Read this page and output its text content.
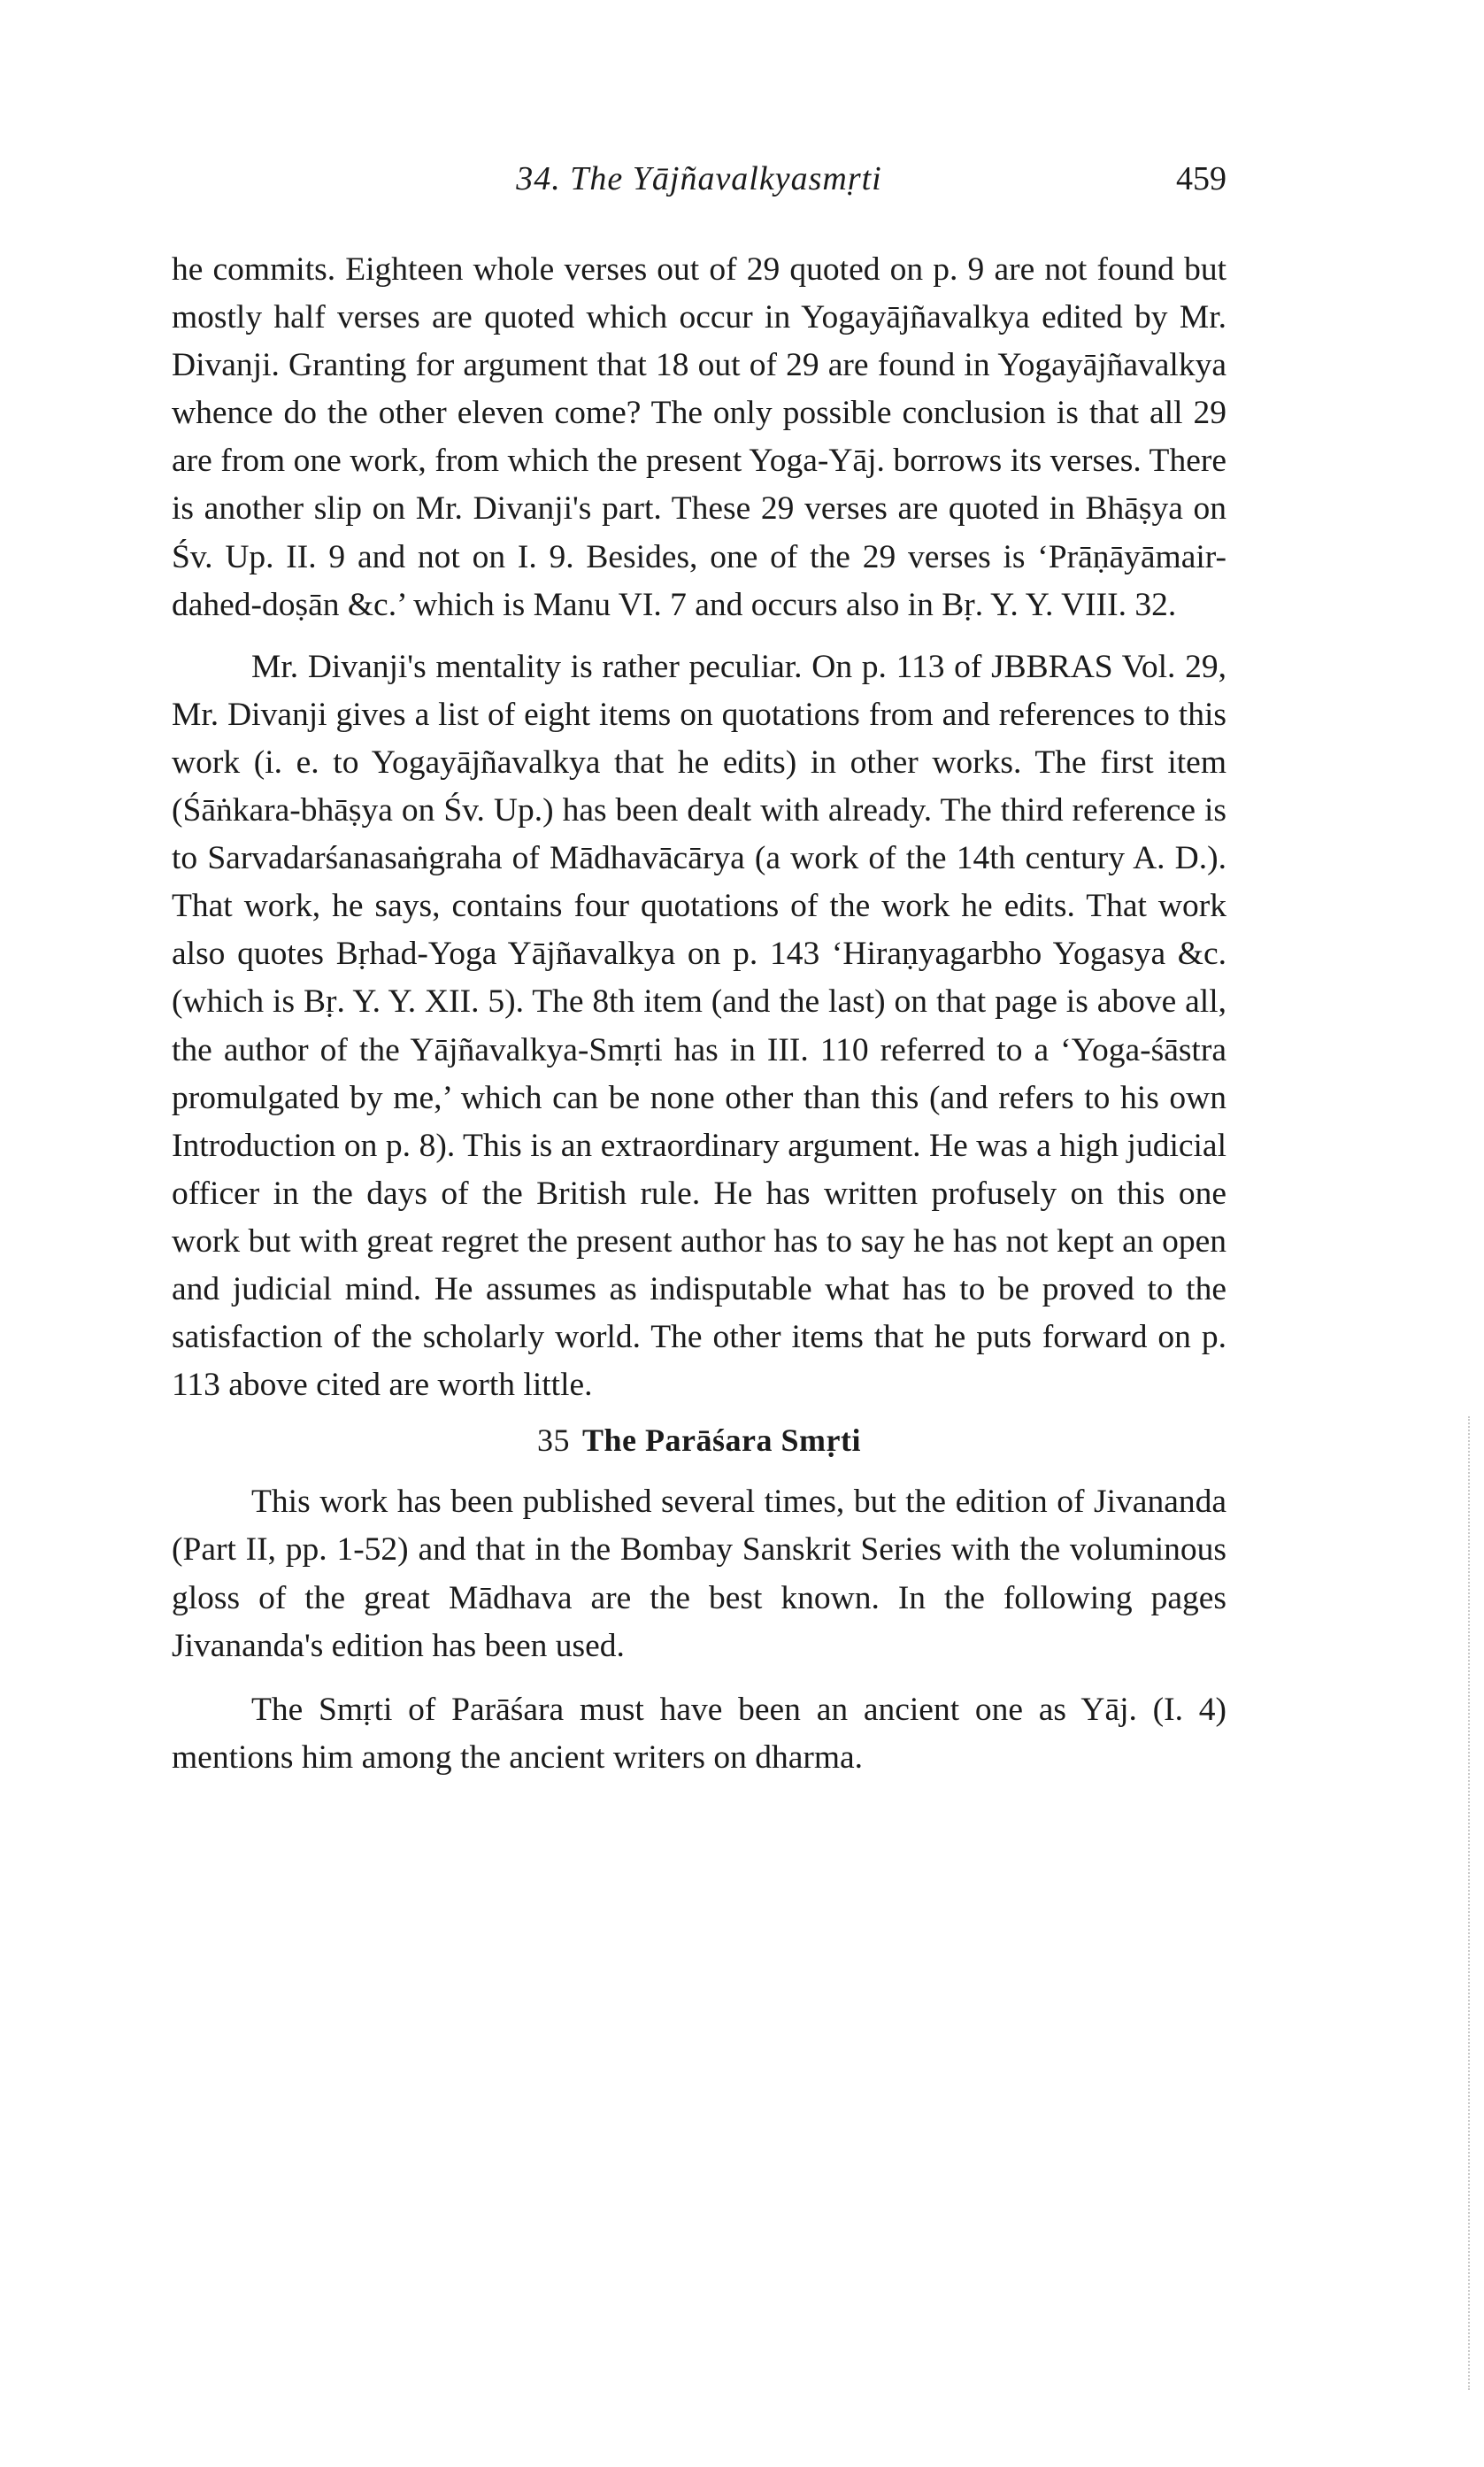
34. The Yājñavalkyasmṛti	459

he commits. Eighteen whole verses out of 29 quoted on p. 9 are not found but mostly half verses are quoted which occur in Yogayājñavalkya edited by Mr. Divanji. Granting for argument that 18 out of 29 are found in Yogayājñavalkya whence do the other eleven come? The only possible conclusion is that all 29 are from one work, from which the present Yoga-Yāj. borrows its verses. There is another slip on Mr. Divanji's part. These 29 verses are quoted in Bhāṣya on Śv. Up. II. 9 and not on I. 9. Besides, one of the 29 verses is ‘Prāṇāyāmair-dahed-doṣān &c.’ which is Manu VI. 7 and occurs also in Bṛ. Y. Y. VIII. 32.

Mr. Divanji's mentality is rather peculiar. On p. 113 of JBBRAS Vol. 29, Mr. Divanji gives a list of eight items on quotations from and references to this work (i. e. to Yogayājñavalkya that he edits) in other works. The first item (Śāṅkara-bhāṣya on Śv. Up.) has been dealt with already. The third reference is to Sarvadarśanasaṅgraha of Mādhavācārya (a work of the 14th century A. D.). That work, he says, contains four quotations of the work he edits. That work also quotes Bṛhad-Yoga Yājñavalkya on p. 143 ‘Hiraṇyagarbho Yogasya &c. (which is Bṛ. Y. Y. XII. 5). The 8th item (and the last) on that page is above all, the author of the Yājñavalkya-Smṛti has in III. 110 referred to a ‘Yoga-śāstra promulgated by me,’ which can be none other than this (and refers to his own Introduction on p. 8). This is an extraordinary argument. He was a high judicial officer in the days of the British rule. He has written profusely on this one work but with great regret the present author has to say he has not kept an open and judicial mind. He assumes as indisputable what has to be proved to the satisfaction of the scholarly world. The other items that he puts forward on p. 113 above cited are worth little.

35 The Parāśara Smṛti

This work has been published several times, but the edition of Jivananda (Part II, pp. 1-52) and that in the Bombay Sanskrit Series with the voluminous gloss of the great Mādhava are the best known. In the following pages Jivananda's edition has been used.

The Smṛti of Parāśara must have been an ancient one as Yāj. (I. 4) mentions him among the ancient writers on dharma.
